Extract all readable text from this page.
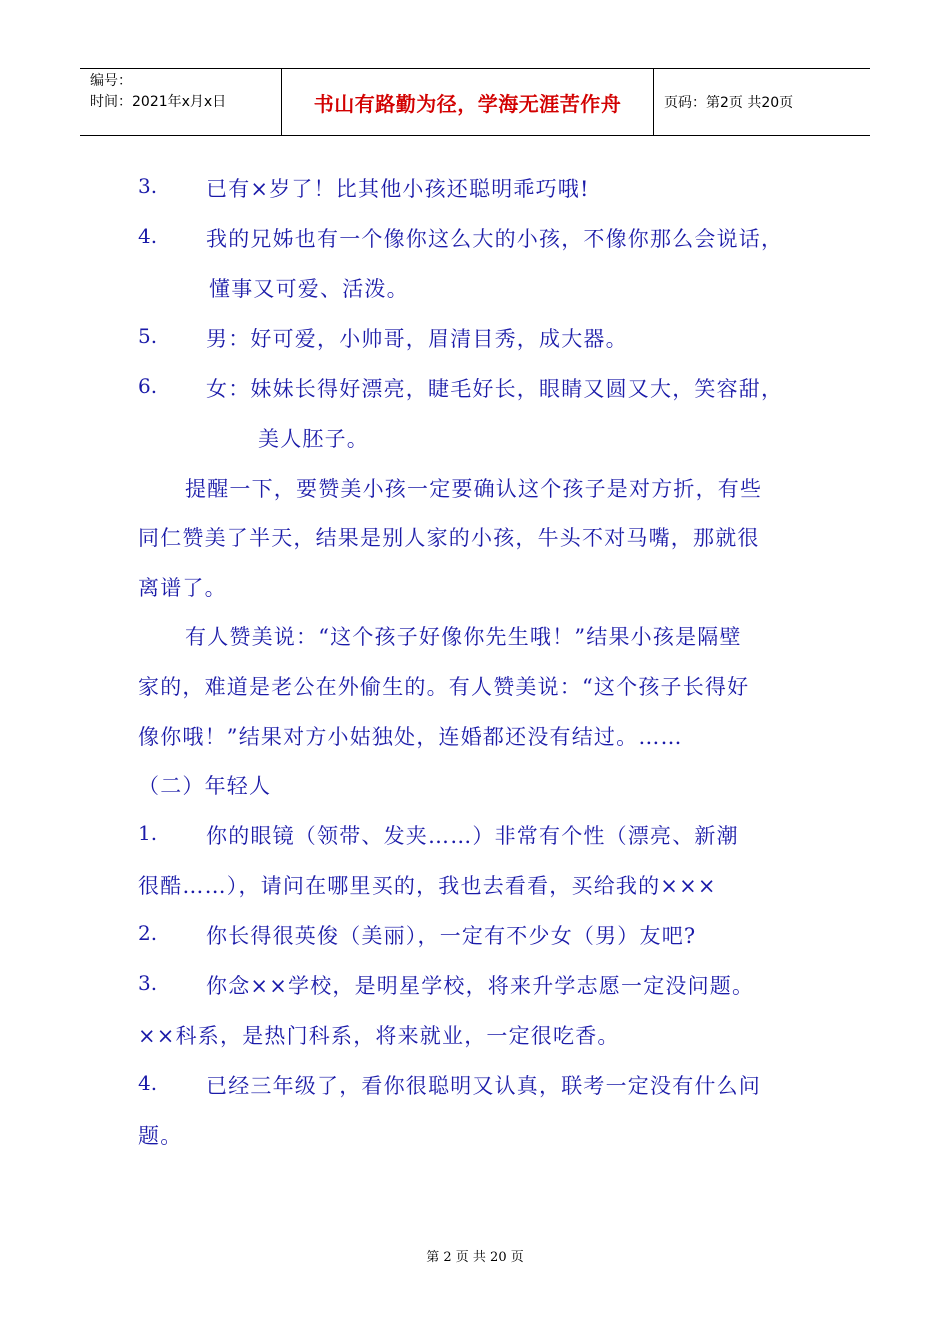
编号：
时间：2021年x月x日	书山有路勤为径，学海无涯苦作舟	页码：第2页 共20页
3. 已有×岁了！比其他小孩还聪明乖巧哦!
4. 我的兄姊也有一个像你这么大的小孩，不像你那么会说话，
懂事又可爱、活泼。
5. 男：好可爱，小帅哥，眉清目秀，成大器。
6. 女：妹妹长得好漂亮，睫毛好长，眼睛又圆又大，笑容甜，
美人胚子。
提醒一下，要赞美小孩一定要确认这个孩子是对方折，有些
同仁赞美了半天，结果是别人家的小孩，牛头不对马嘴，那就很
离谱了。
有人赞美说：“这个孩子好像你先生哦！”结果小孩是隔壁
家的，难道是老公在外偷生的。有人赞美说：“这个孩子长得好
像你哦！”结果对方小姑独处，连婚都还没有结过。……
（二）年轻人
1. 你的眼镜（领带、发夹……）非常有个性（漂亮、新潮
很酷……），请问在哪里买的，我也去看看，买给我的×××
2. 你长得很英俊（美丽），一定有不少女（男）友吧?
3. 你念××学校，是明星学校，将来升学志愿一定没问题。
××科系，是热门科系，将来就业，一定很吃香。
4. 已经三年级了，看你很聪明又认真，联考一定没有什么问
题。
第 2 页 共 20 页
